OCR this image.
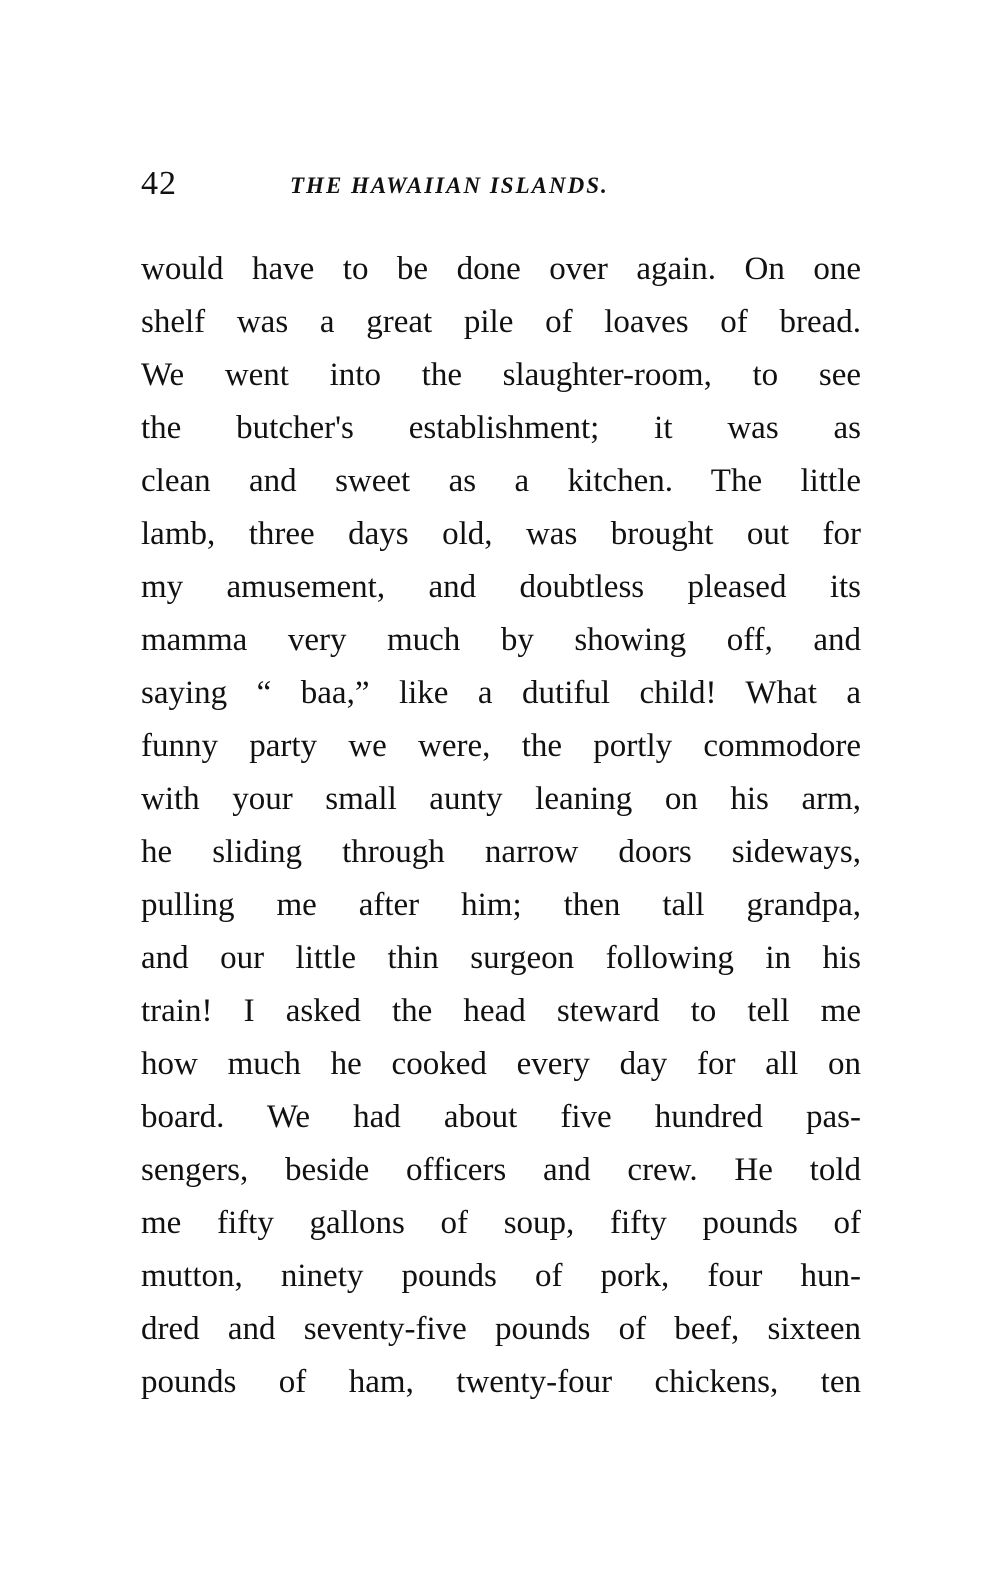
42	THE HAWAIIAN ISLANDS.
would have to be done over again. On one
shelf was a great pile of loaves of bread.
We went into the slaughter-room, to see
the butcher's establishment; it was as
clean and sweet as a kitchen. The little
lamb, three days old, was brought out for
my amusement, and doubtless pleased its
mamma very much by showing off, and
saying “ baa,” like a dutiful child! What a
funny party we were, the portly commodore
with your small aunty leaning on his arm,
he sliding through narrow doors sideways,
pulling me after him; then tall grandpa,
and our little thin surgeon following in his
train! I asked the head steward to tell me
how much he cooked every day for all on
board. We had about five hundred pas-
sengers, beside officers and crew. He told
me fifty gallons of soup, fifty pounds of
mutton, ninety pounds of pork, four hun-
dred and seventy-five pounds of beef, sixteen
pounds of ham, twenty-four chickens, ten
